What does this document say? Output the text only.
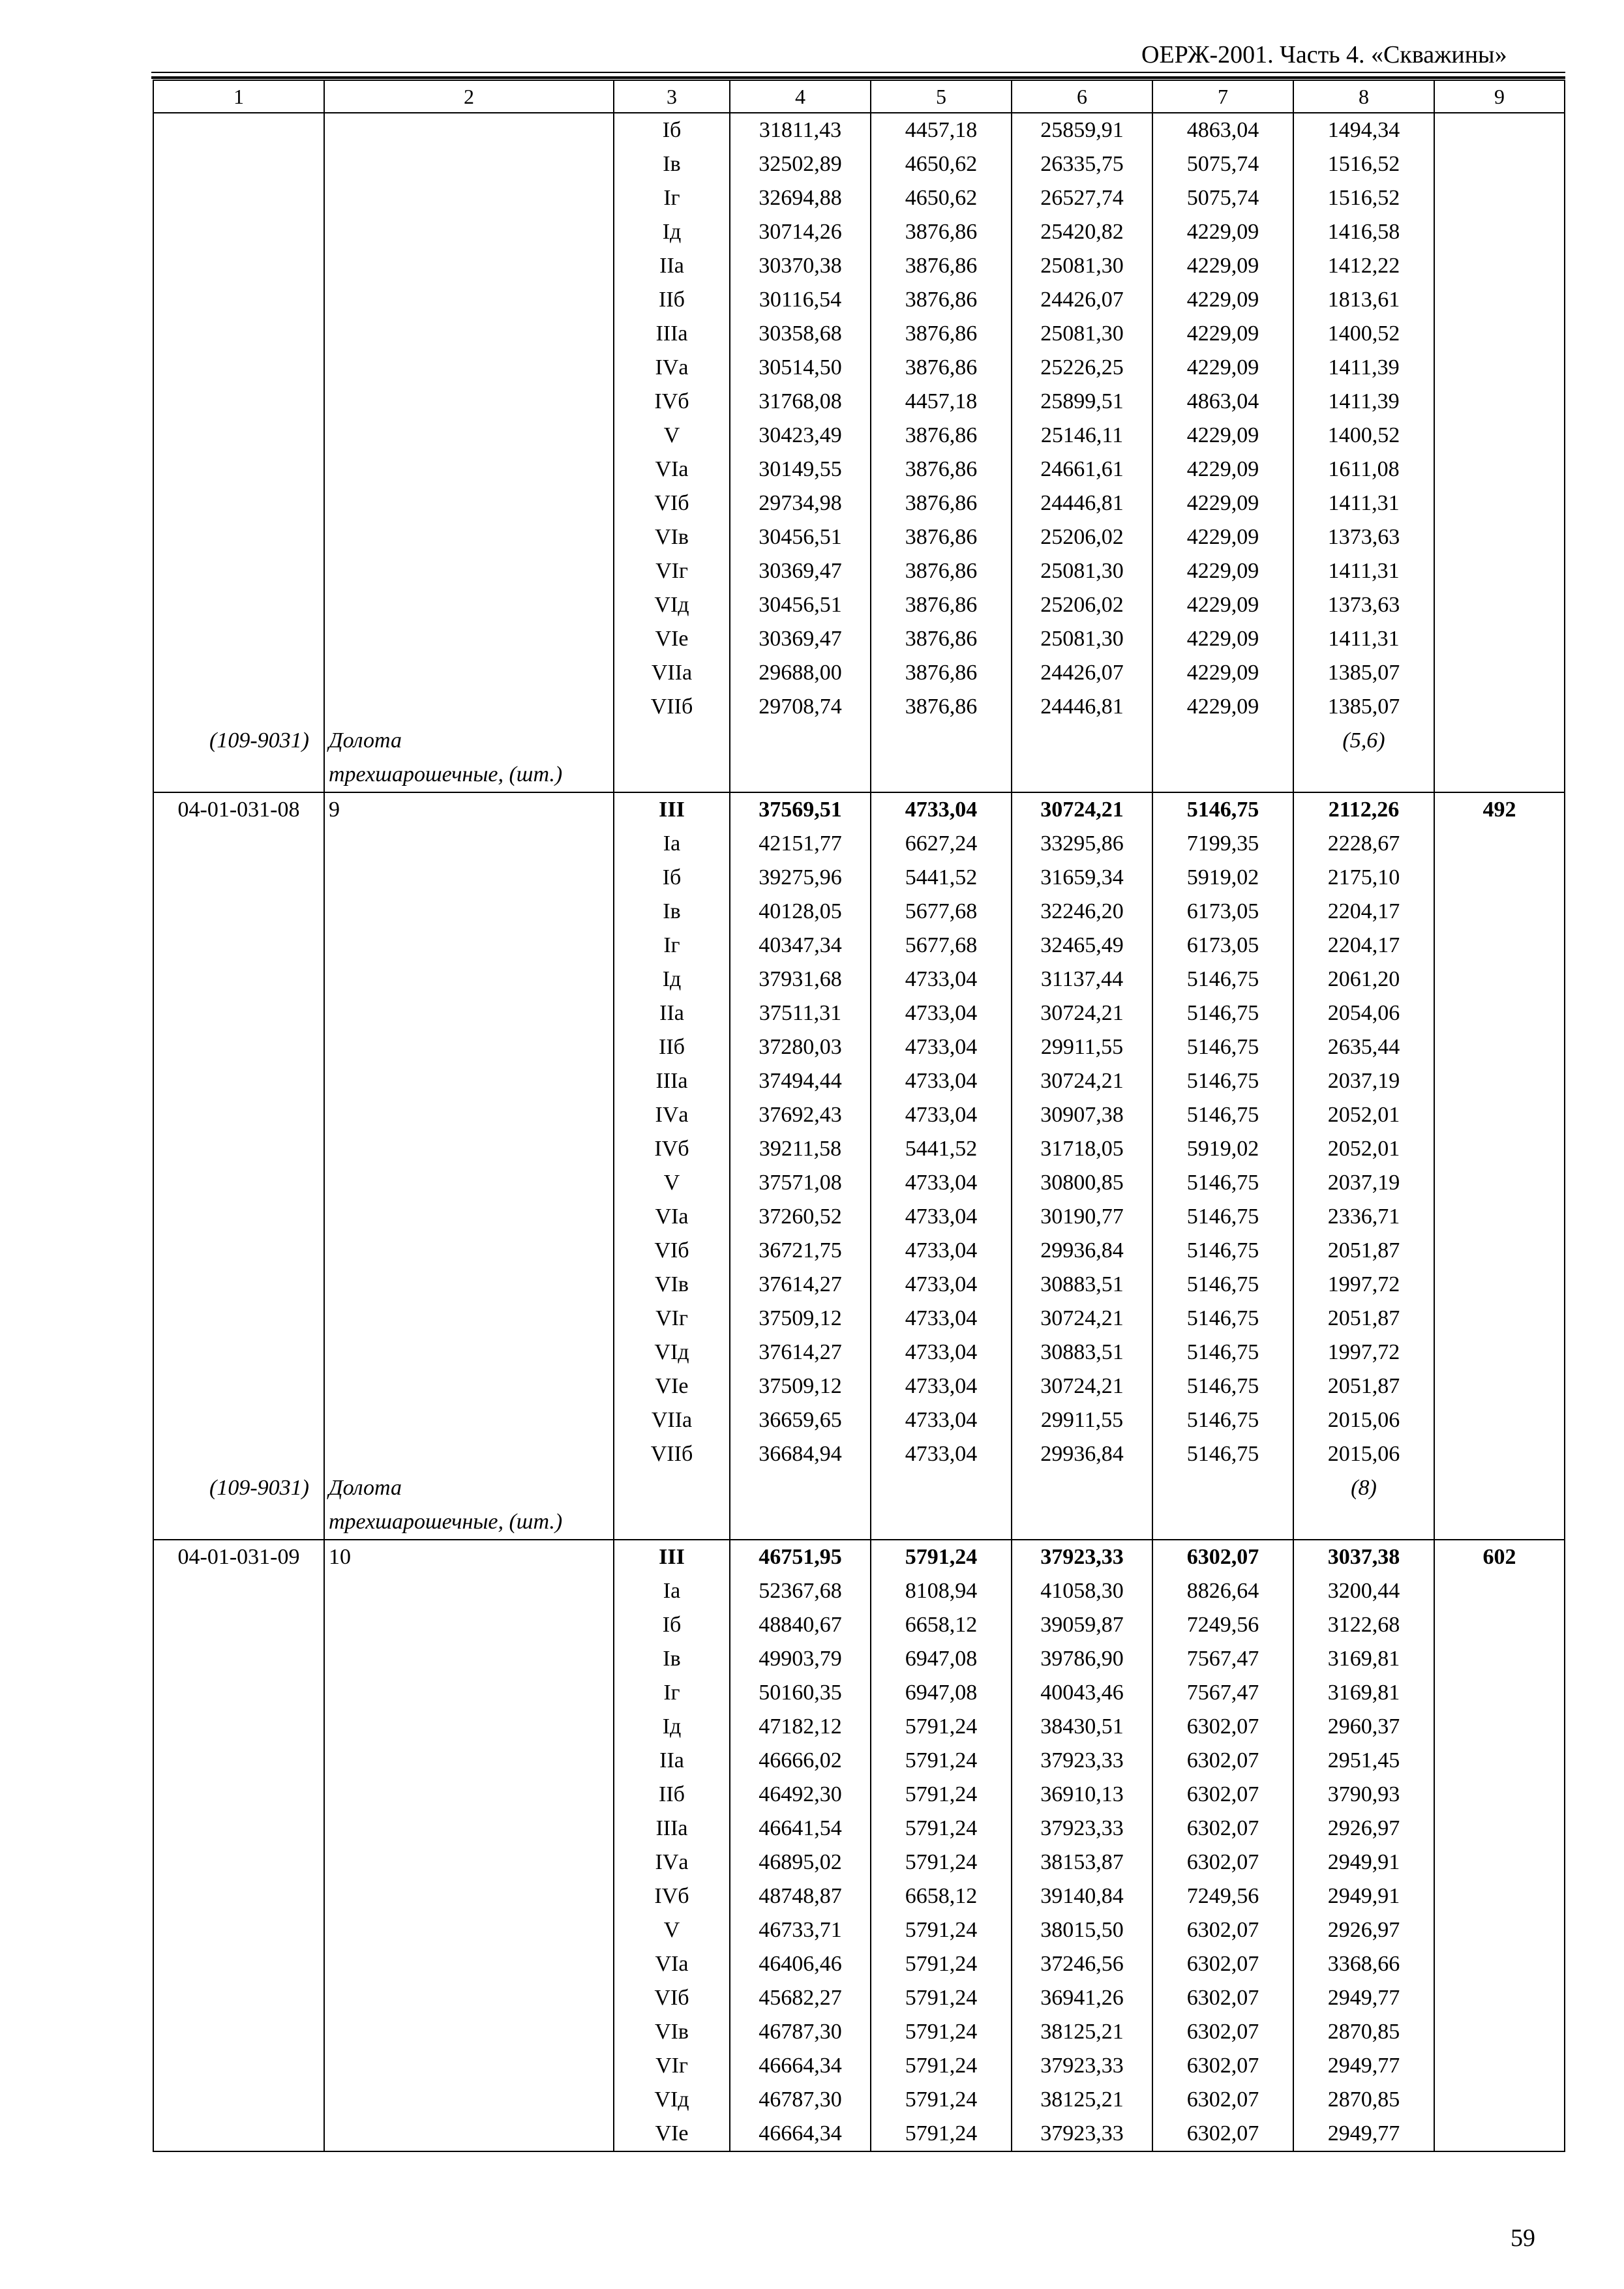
ОЕРЖ-2001. Часть 4. «Скважины»
1	2	3	4	5	6	7	8	9
		Iб	31811,43	4457,18	25859,91	4863,04	1494,34	
		Iв	32502,89	4650,62	26335,75	5075,74	1516,52	
		Iг	32694,88	4650,62	26527,74	5075,74	1516,52	
		Iд	30714,26	3876,86	25420,82	4229,09	1416,58	
		IIа	30370,38	3876,86	25081,30	4229,09	1412,22	
		IIб	30116,54	3876,86	24426,07	4229,09	1813,61	
		IIIа	30358,68	3876,86	25081,30	4229,09	1400,52	
		IVа	30514,50	3876,86	25226,25	4229,09	1411,39	
		IVб	31768,08	4457,18	25899,51	4863,04	1411,39	
		V	30423,49	3876,86	25146,11	4229,09	1400,52	
		VIа	30149,55	3876,86	24661,61	4229,09	1611,08	
		VIб	29734,98	3876,86	24446,81	4229,09	1411,31	
		VIв	30456,51	3876,86	25206,02	4229,09	1373,63	
		VIг	30369,47	3876,86	25081,30	4229,09	1411,31	
		VIд	30456,51	3876,86	25206,02	4229,09	1373,63	
		VIе	30369,47	3876,86	25081,30	4229,09	1411,31	
		VIIа	29688,00	3876,86	24426,07	4229,09	1385,07	
		VIIб	29708,74	3876,86	24446,81	4229,09	1385,07	
(109-9031)	Долота						(5,6)	
	трехшарошечные, (шт.)							
04-01-031-08	9	III	37569,51	4733,04	30724,21	5146,75	2112,26	492
		Iа	42151,77	6627,24	33295,86	7199,35	2228,67	
		Iб	39275,96	5441,52	31659,34	5919,02	2175,10	
		Iв	40128,05	5677,68	32246,20	6173,05	2204,17	
		Iг	40347,34	5677,68	32465,49	6173,05	2204,17	
		Iд	37931,68	4733,04	31137,44	5146,75	2061,20	
		IIа	37511,31	4733,04	30724,21	5146,75	2054,06	
		IIб	37280,03	4733,04	29911,55	5146,75	2635,44	
		IIIа	37494,44	4733,04	30724,21	5146,75	2037,19	
		IVа	37692,43	4733,04	30907,38	5146,75	2052,01	
		IVб	39211,58	5441,52	31718,05	5919,02	2052,01	
		V	37571,08	4733,04	30800,85	5146,75	2037,19	
		VIа	37260,52	4733,04	30190,77	5146,75	2336,71	
		VIб	36721,75	4733,04	29936,84	5146,75	2051,87	
		VIв	37614,27	4733,04	30883,51	5146,75	1997,72	
		VIг	37509,12	4733,04	30724,21	5146,75	2051,87	
		VIд	37614,27	4733,04	30883,51	5146,75	1997,72	
		VIе	37509,12	4733,04	30724,21	5146,75	2051,87	
		VIIа	36659,65	4733,04	29911,55	5146,75	2015,06	
		VIIб	36684,94	4733,04	29936,84	5146,75	2015,06	
(109-9031)	Долота						(8)	
	трехшарошечные, (шт.)							
04-01-031-09	10	III	46751,95	5791,24	37923,33	6302,07	3037,38	602
		Iа	52367,68	8108,94	41058,30	8826,64	3200,44	
		Iб	48840,67	6658,12	39059,87	7249,56	3122,68	
		Iв	49903,79	6947,08	39786,90	7567,47	3169,81	
		Iг	50160,35	6947,08	40043,46	7567,47	3169,81	
		Iд	47182,12	5791,24	38430,51	6302,07	2960,37	
		IIа	46666,02	5791,24	37923,33	6302,07	2951,45	
		IIб	46492,30	5791,24	36910,13	6302,07	3790,93	
		IIIа	46641,54	5791,24	37923,33	6302,07	2926,97	
		IVа	46895,02	5791,24	38153,87	6302,07	2949,91	
		IVб	48748,87	6658,12	39140,84	7249,56	2949,91	
		V	46733,71	5791,24	38015,50	6302,07	2926,97	
		VIа	46406,46	5791,24	37246,56	6302,07	3368,66	
		VIб	45682,27	5791,24	36941,26	6302,07	2949,77	
		VIв	46787,30	5791,24	38125,21	6302,07	2870,85	
		VIг	46664,34	5791,24	37923,33	6302,07	2949,77	
		VIд	46787,30	5791,24	38125,21	6302,07	2870,85	
		VIе	46664,34	5791,24	37923,33	6302,07	2949,77	
59
